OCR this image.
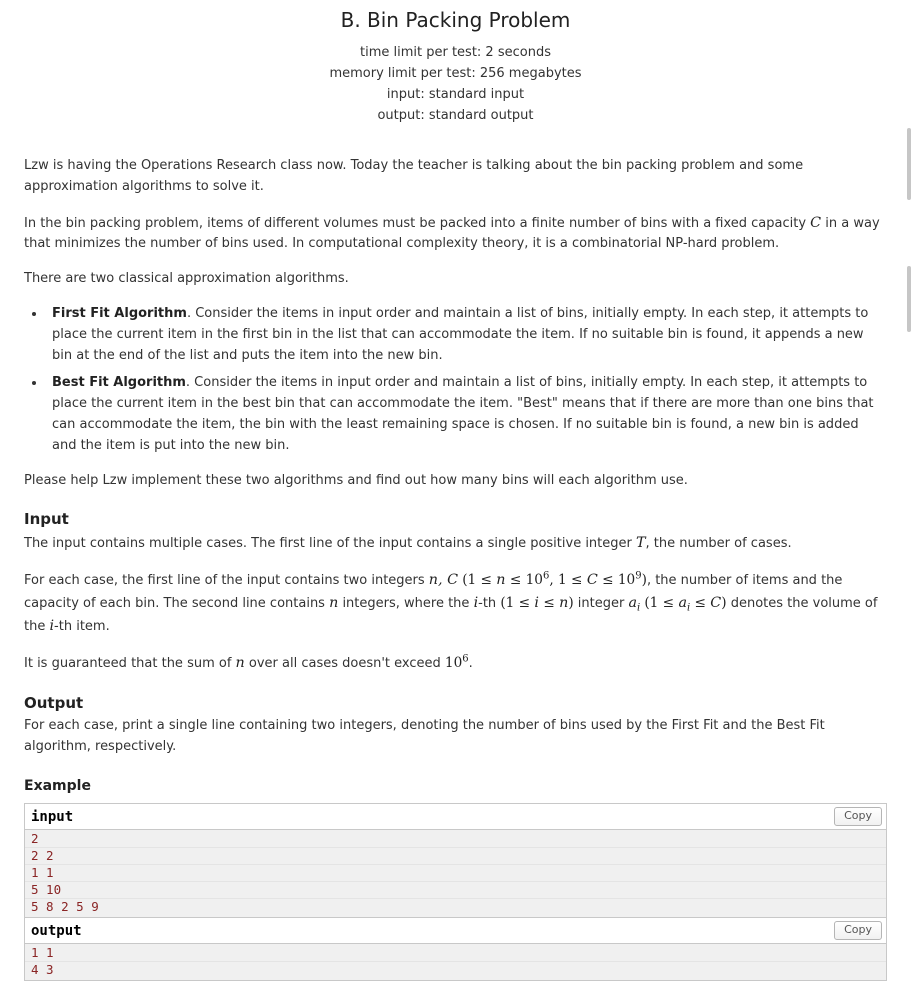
B. Bin Packing Problem
time limit per test: 2 seconds
memory limit per test: 256 megabytes
input: standard input
output: standard output

Lzw is having the Operations Research class now. Today the teacher is talking about the bin packing problem and some approximation algorithms to solve it.

In the bin packing problem, items of different volumes must be packed into a finite number of bins with a fixed capacity C in a way that minimizes the number of bins used. In computational complexity theory, it is a combinatorial NP-hard problem.

There are two classical approximation algorithms.

• First Fit Algorithm. Consider the items in input order and maintain a list of bins, initially empty. In each step, it attempts to place the current item in the first bin in the list that can accommodate the item. If no suitable bin is found, it appends a new bin at the end of the list and puts the item into the new bin.
• Best Fit Algorithm. Consider the items in input order and maintain a list of bins, initially empty. In each step, it attempts to place the current item in the best bin that can accommodate the item. "Best" means that if there are more than one bins that can accommodate the item, the bin with the least remaining space is chosen. If no suitable bin is found, a new bin is added and the item is put into the new bin.

Please help Lzw implement these two algorithms and find out how many bins will each algorithm use.

Input

The input contains multiple cases. The first line of the input contains a single positive integer T, the number of cases.

For each case, the first line of the input contains two integers n, C ($1 \le n \le 10^6$, $1 \le C \le 10^9$), the number of items and the capacity of each bin. The second line contains n integers, where the i-th (1 ≤ i ≤ n) integer $a_i$ $(1 \le a_i \le C)$ denotes the volume of the i-th item.

It is guaranteed that the sum of n over all cases doesn't exceed $10^6$.

Output

For each case, print a single line containing two integers, denoting the number of bins used by the First Fit and the Best Fit algorithm, respectively.

Example
input	Copy
2
2 2
1 1
5 10
5 8 2 5 9
output	Copy
1 1
4 3
